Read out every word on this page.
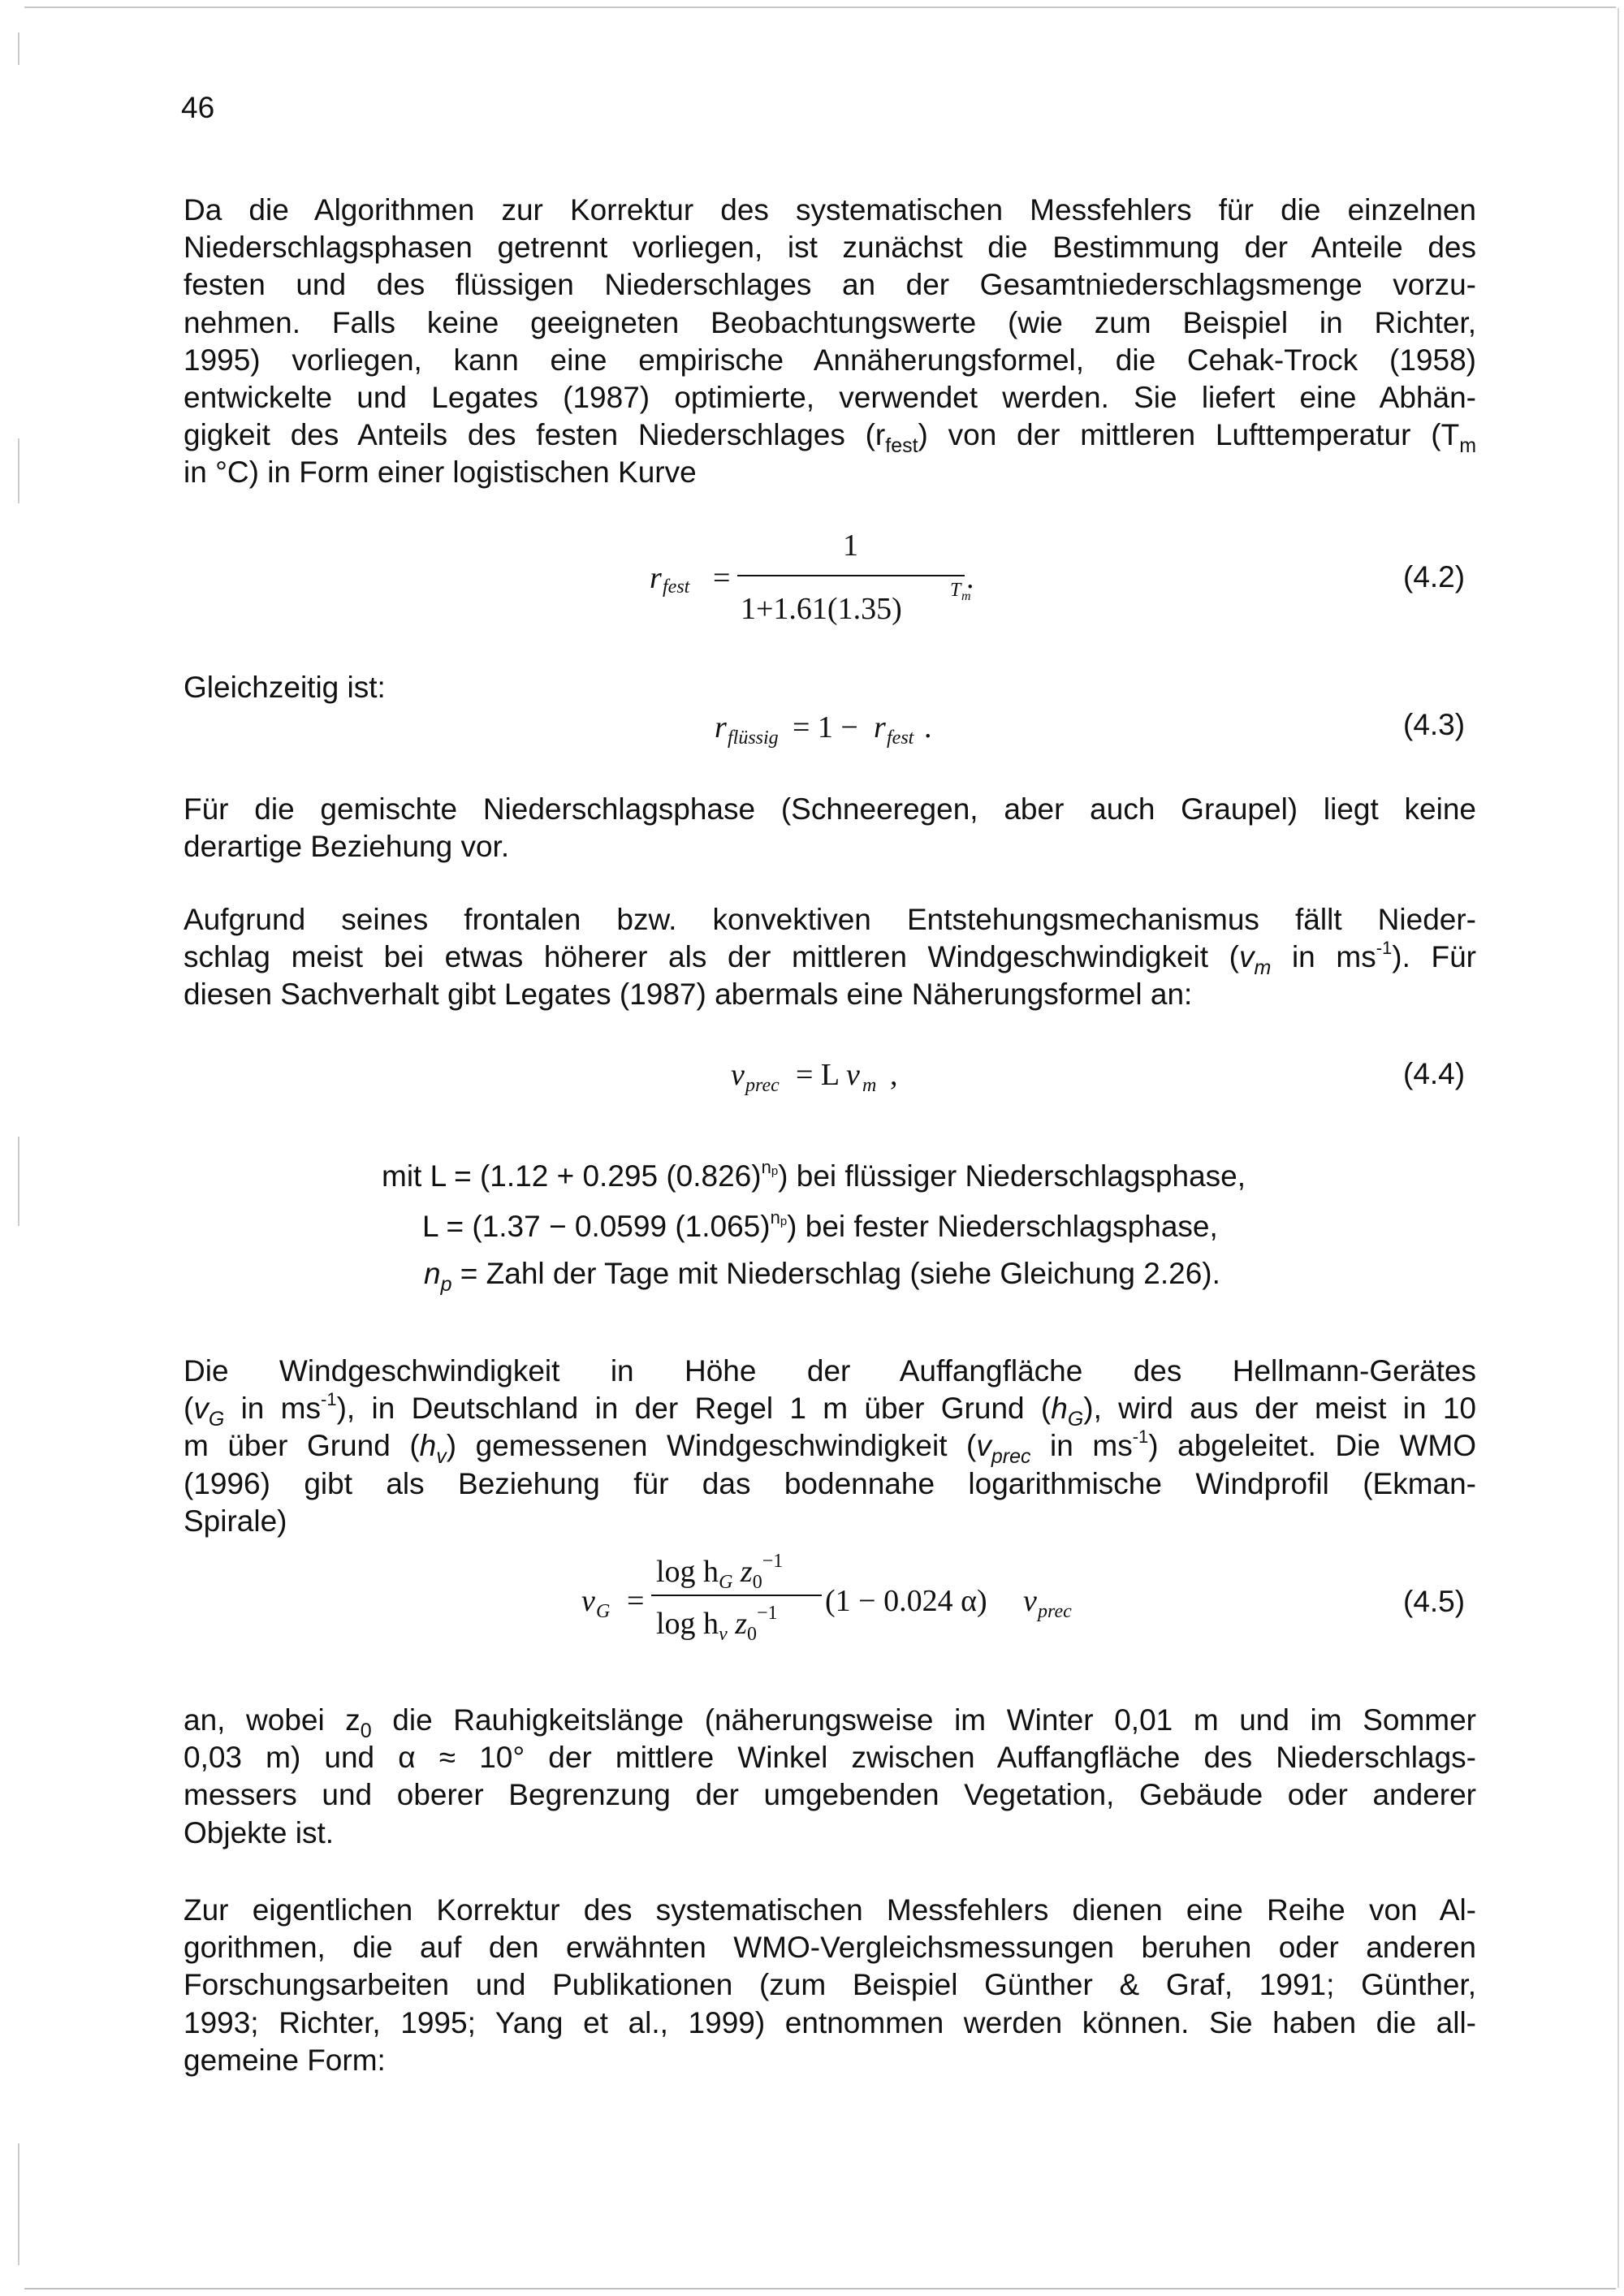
46

Da die Algorithmen zur Korrektur des systematischen Messfehlers für die einzelnen
Niederschlagsphasen getrennt vorliegen, ist zunächst die Bestimmung der Anteile des
festen und des flüssigen Niederschlages an der Gesamtniederschlagsmenge vorzu-
nehmen. Falls keine geeigneten Beobachtungswerte (wie zum Beispiel in Richter,
1995) vorliegen, kann eine empirische Annäherungsformel, die Cehak-Trock (1958)
entwickelte und Legates (1987) optimierte, verwendet werden. Sie liefert eine Abhän-
gigkeit des Anteils des festen Niederschlages $(r_{fest})$ von der mittleren Lufttemperatur ($T_m$
in °C) in Form einer logistischen Kurve

r fest =
1
1+1.61(1.35)
T m
.	(4.2)
Gleichzeitig ist:
r flüssig = 1 − r fest .	(4.3)

Für die gemischte Niederschlagsphase (Schneeregen, aber auch Graupel) liegt keine
derartige Beziehung vor.

Aufgrund seines frontalen bzw. konvektiven Entstehungsmechanismus fällt Nieder-
schlag meist bei etwas höherer als der mittleren Windgeschwindigkeit ($v_m$ in $ms^{-1}$). Für
diesen Sachverhalt gibt Legates (1987) abermals eine Näherungsformel an:

v prec = L v m ,	(4.4)
mit L = (1.12 + 0.295 $(0.826)^{np}$) bei flüssiger Niederschlagsphase,
L = (1.37 − 0.0599 $(1.065)^{np}$) bei fester Niederschlagsphase,
$n_p$ = Zahl der Tage mit Niederschlag (siehe Gleichung 2.26).

Die Windgeschwindigkeit in Höhe der Auffangfläche des Hellmann-Gerätes
($v_G$ in $ms^{-1}$), in Deutschland in der Regel 1 m über Grund $(h_G)$, wird aus der meist in 10
m über Grund $(h_v)$ gemessenen Windgeschwindigkeit ($v_{prec}$ in $ms^{-1}$) abgeleitet. Die WMO
(1996) gibt als Beziehung für das bodennahe logarithmische Windprofil (Ekman-
Spirale)

v G =
$\log h_G$ $z_0^{-1}$
$\log h_v$ $z_0^{-1}$ (1 − 0.024 α) v prec	(4.5)

an, wobei $z_0$ die Rauhigkeitslänge (näherungsweise im Winter 0,01 m und im Sommer
0,03 m) und α ≈ 10° der mittlere Winkel zwischen Auffangfläche des Niederschlags-
messers und oberer Begrenzung der umgebenden Vegetation, Gebäude oder anderer
Objekte ist.

Zur eigentlichen Korrektur des systematischen Messfehlers dienen eine Reihe von Al-
gorithmen, die auf den erwähnten WMO-Vergleichsmessungen beruhen oder anderen
Forschungsarbeiten und Publikationen (zum Beispiel Günther & Graf, 1991; Günther,
1993; Richter, 1995; Yang et al., 1999) entnommen werden können. Sie haben die all-
gemeine Form:
